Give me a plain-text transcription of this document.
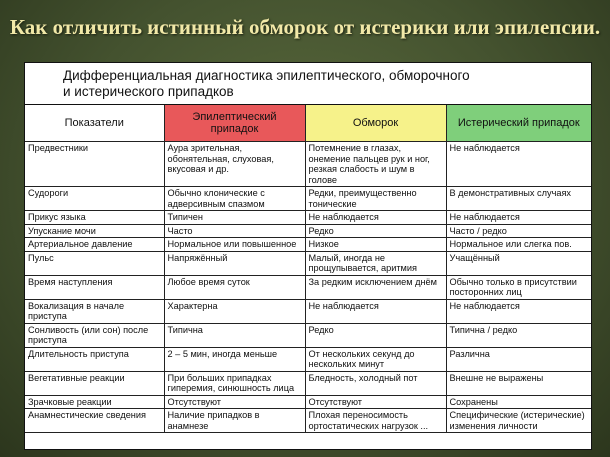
Как отличить истинный обморок от истерики или эпилепсии.
Дифференциальная диагностика эпилептического, обморочного
и истерического припадков
Показатели	Эпилептический припадок	Обморок	Истерический припадок
Предвестники	Аура зрительная, обонятельная, слуховая, вкусовая и др.	Потемнение в глазах, онемение пальцев рук и ног, резкая слабость и шум в голове	Не наблюдается
Судороги	Обычно клонические с адверсивным спазмом	Редки, преимущественно тонические	В демонстративных случаях
Прикус языка	Типичен	Не наблюдается	Не наблюдается
Упускание мочи	Часто	Редко	Часто / редко
Артериальное давление	Нормальное или повышенное	Низкое	Нормальное или слегка пов.
Пульс	Напряжённый	Малый, иногда не прощупывается, аритмия	Учащённый
Время наступления	Любое время суток	За редким исключением днём	Обычно только в присутствии посторонних лиц
Вокализация в начале приступа	Характерна	Не наблюдается	Не наблюдается
Сонливость (или сон) после приступа	Типична	Редко	Типична / редко
Длительность приступа	2 – 5 мин, иногда меньше	От нескольких секунд до нескольких минут	Различна
Вегетативные реакции	При больших припадках гиперемия, синюшность лица	Бледность, холодный пот	Внешне не выражены
Зрачковые реакции	Отсутствуют	Отсутствуют	Сохранены
Анамнестические сведения	Наличие припадков в анамнезе	Плохая переносимость ортостатических нагрузок ...	Специфические (истерические) изменения личности
